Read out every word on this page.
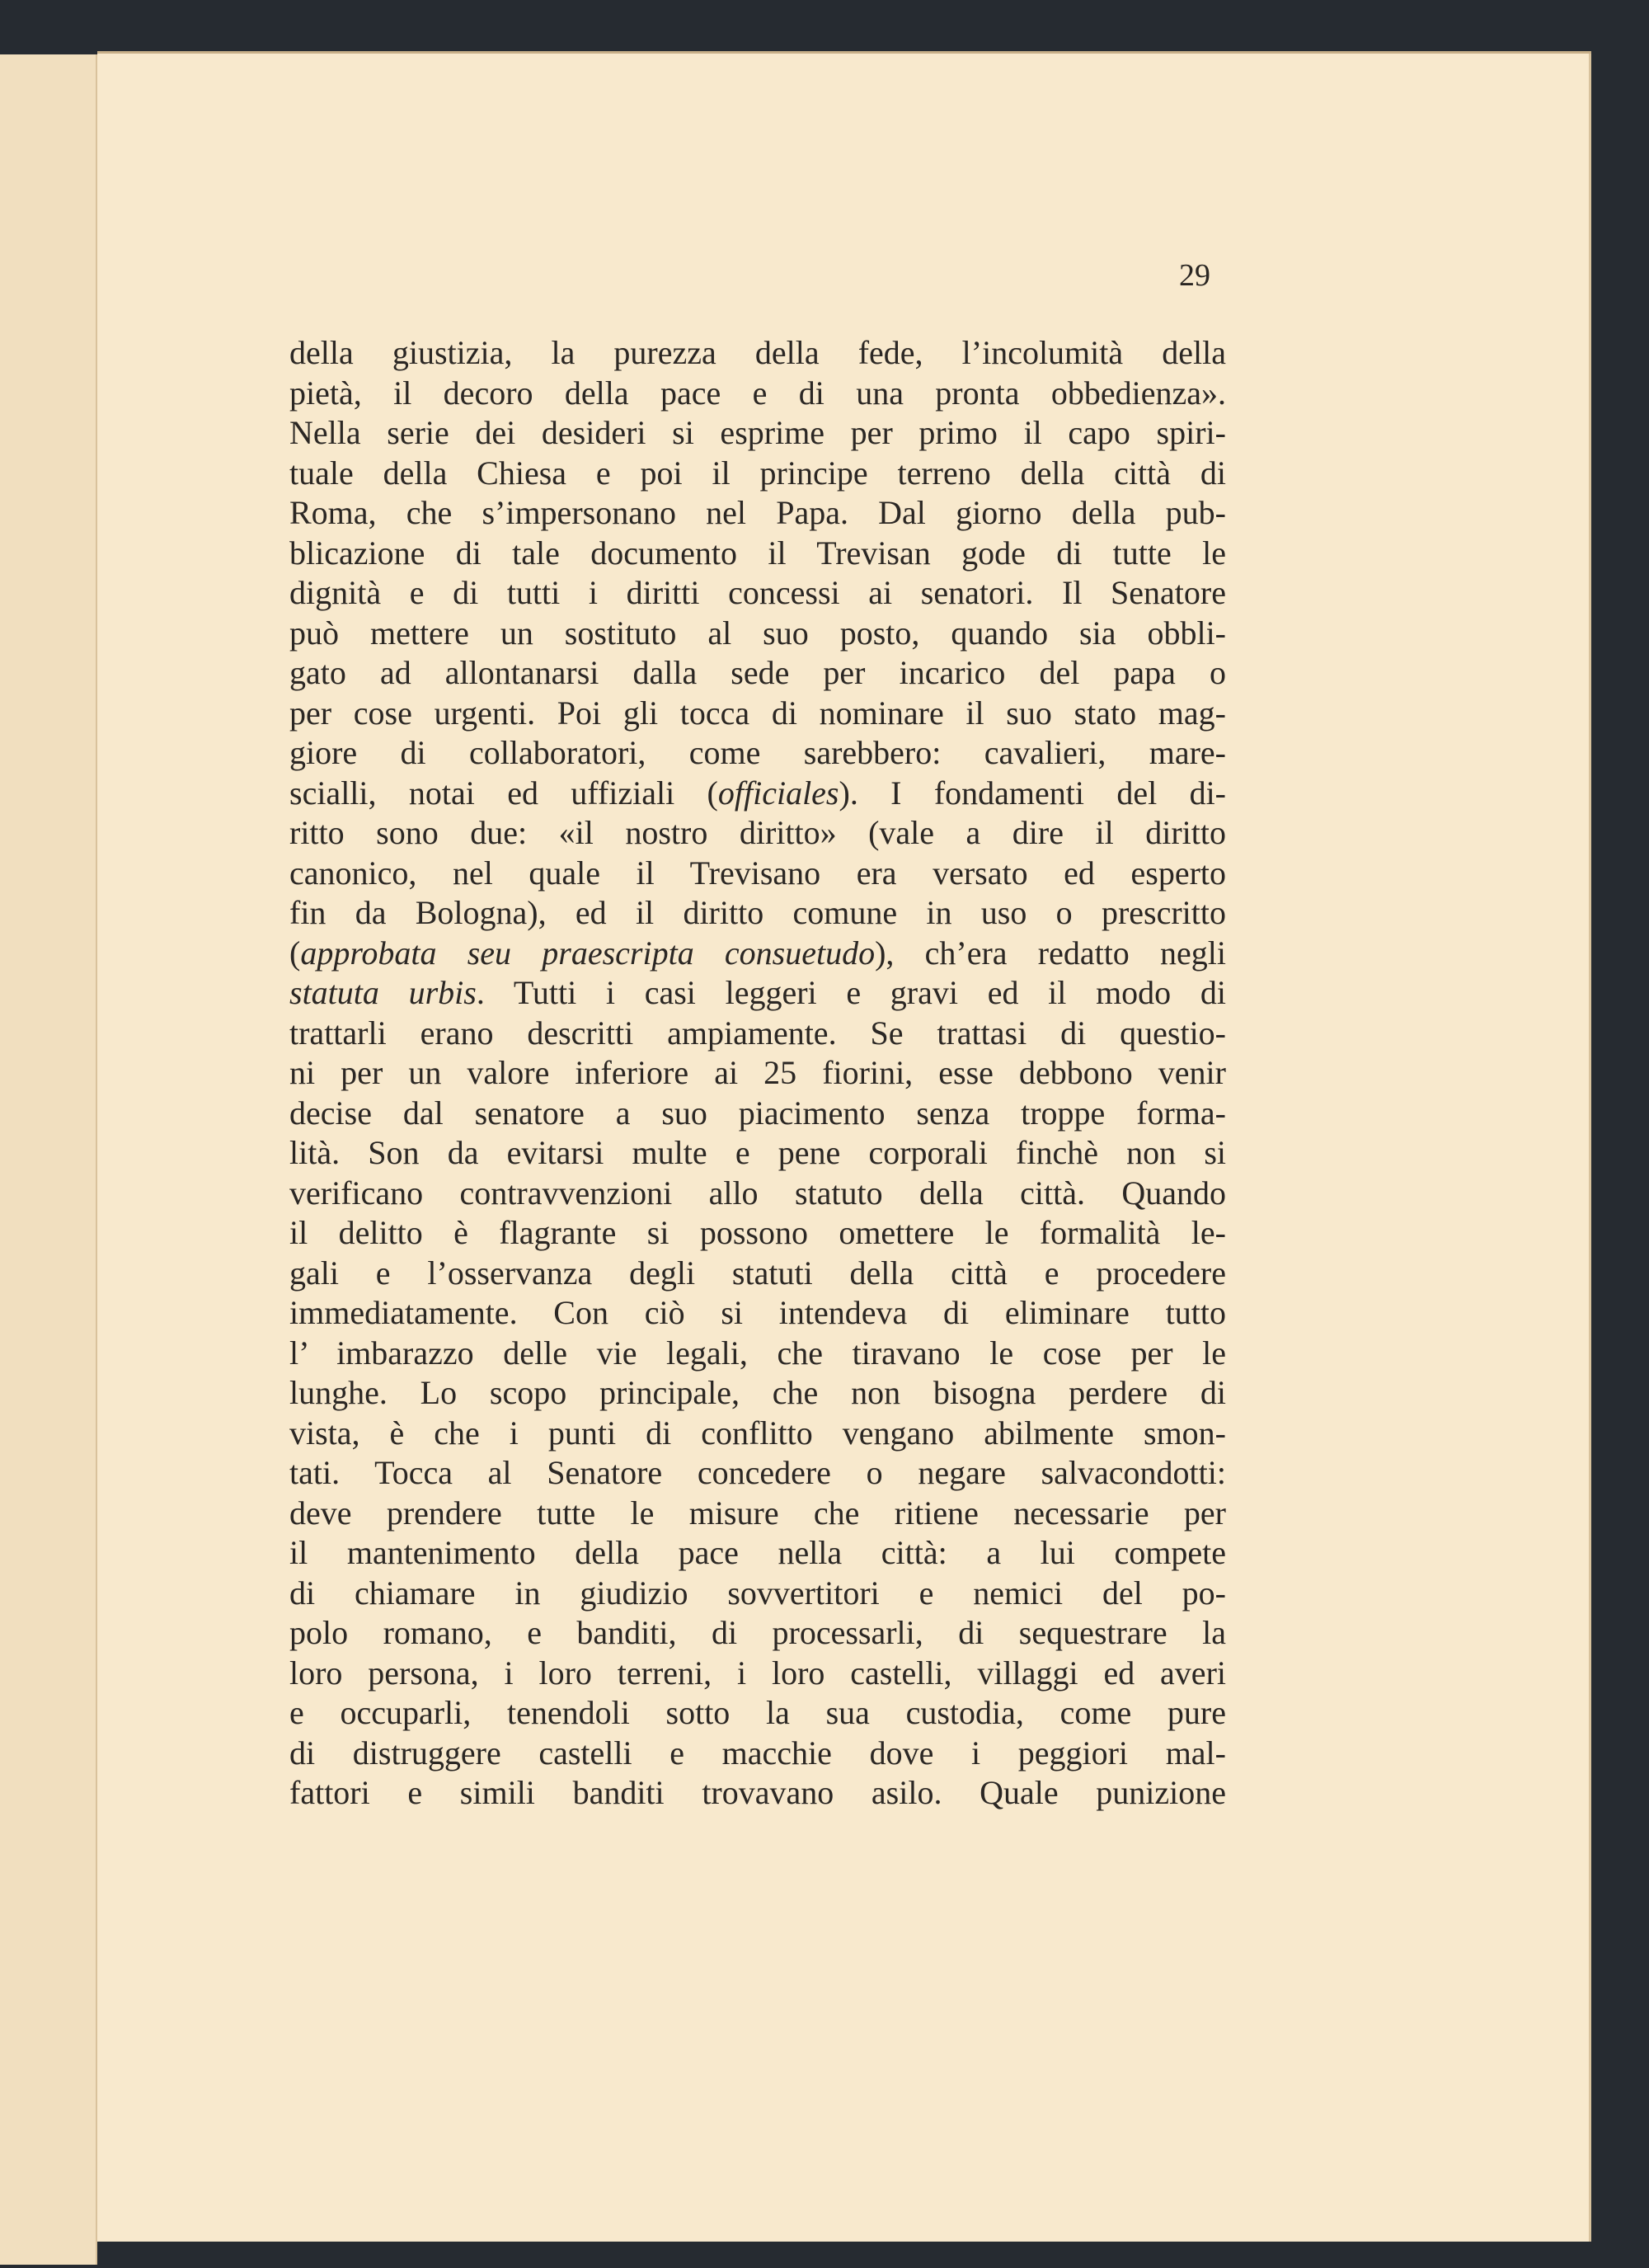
29
della giustizia, la purezza della fede, l’incolumità della
pietà, il decoro della pace e di una pronta obbedienza».
Nella serie dei desideri si esprime per primo il capo spiri-
tuale della Chiesa e poi il principe terreno della città di
Roma, che s’impersonano nel Papa. Dal giorno della pub-
blicazione di tale documento il Trevisan gode di tutte le
dignità e di tutti i diritti concessi ai senatori. Il Senatore
può mettere un sostituto al suo posto, quando sia obbli-
gato ad allontanarsi dalla sede per incarico del papa o
per cose urgenti. Poi gli tocca di nominare il suo stato mag-
giore di collaboratori, come sarebbero: cavalieri, mare-
scialli, notai ed uffiziali (officiales). I fondamenti del di-
ritto sono due: «il nostro diritto» (vale a dire il diritto
canonico, nel quale il Trevisano era versato ed esperto
fin da Bologna), ed il diritto comune in uso o prescritto
(approbata seu praescripta consuetudo), ch’era redatto negli
statuta urbis. Tutti i casi leggeri e gravi ed il modo di
trattarli erano descritti ampiamente. Se trattasi di questio-
ni per un valore inferiore ai 25 fiorini, esse debbono venir
decise dal senatore a suo piacimento senza troppe forma-
lità. Son da evitarsi multe e pene corporali finchè non si
verificano contravvenzioni allo statuto della città. Quando
il delitto è flagrante si possono omettere le formalità le-
gali e l’osservanza degli statuti della città e procedere
immediatamente. Con ciò si intendeva di eliminare tutto
l’ imbarazzo delle vie legali, che tiravano le cose per le
lunghe. Lo scopo principale, che non bisogna perdere di
vista, è che i punti di conflitto vengano abilmente smon-
tati. Tocca al Senatore concedere o negare salvacondotti:
deve prendere tutte le misure che ritiene necessarie per
il mantenimento della pace nella città: a lui compete
di chiamare in giudizio sovvertitori e nemici del po-
polo romano, e banditi, di processarli, di sequestrare la
loro persona, i loro terreni, i loro castelli, villaggi ed averi
e occuparli, tenendoli sotto la sua custodia, come pure
di distruggere castelli e macchie dove i peggiori mal-
fattori e simili banditi trovavano asilo. Quale punizione
